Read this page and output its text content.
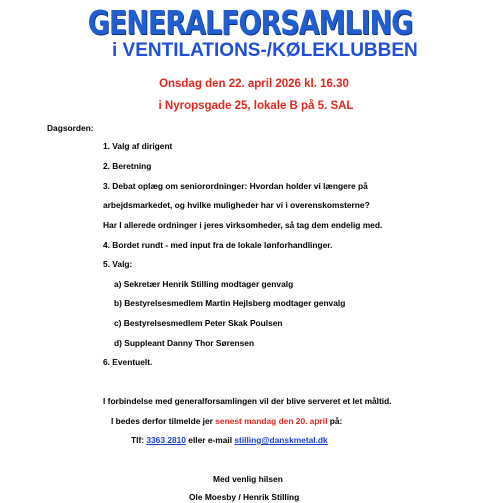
GENERALFORSAMLING
i VENTILATIONS-/KØLEKLUBBEN
Onsdag den 22. april 2026 kl. 16.30
i Nyropsgade 25, lokale B på 5. SAL
Dagsorden:
1. Valg af dirigent
2. Beretning
3. Debat oplæg om seniorordninger: Hvordan holder vi længere på
arbejdsmarkedet, og hvilke muligheder har vi i overenskomsterne?
Har I allerede ordninger i jeres virksomheder, så tag dem endelig med.
4. Bordet rundt - med input fra de lokale lønforhandlinger.
5. Valg:
a) Sekretær Henrik Stilling modtager genvalg
b) Bestyrelsesmedlem Martin Hejlsberg modtager genvalg
c) Bestyrelsesmedlem Peter Skak Poulsen
d) Suppleant Danny Thor Sørensen
6. Eventuelt.
I forbindelse med generalforsamlingen vil der blive serveret et let måltid.
I bedes derfor tilmelde jer senest mandag den 20. april på:
Tlf: 3363 2810 eller e-mail stilling@danskmetal.dk
Med venlig hilsen
Ole Moesby / Henrik Stilling
